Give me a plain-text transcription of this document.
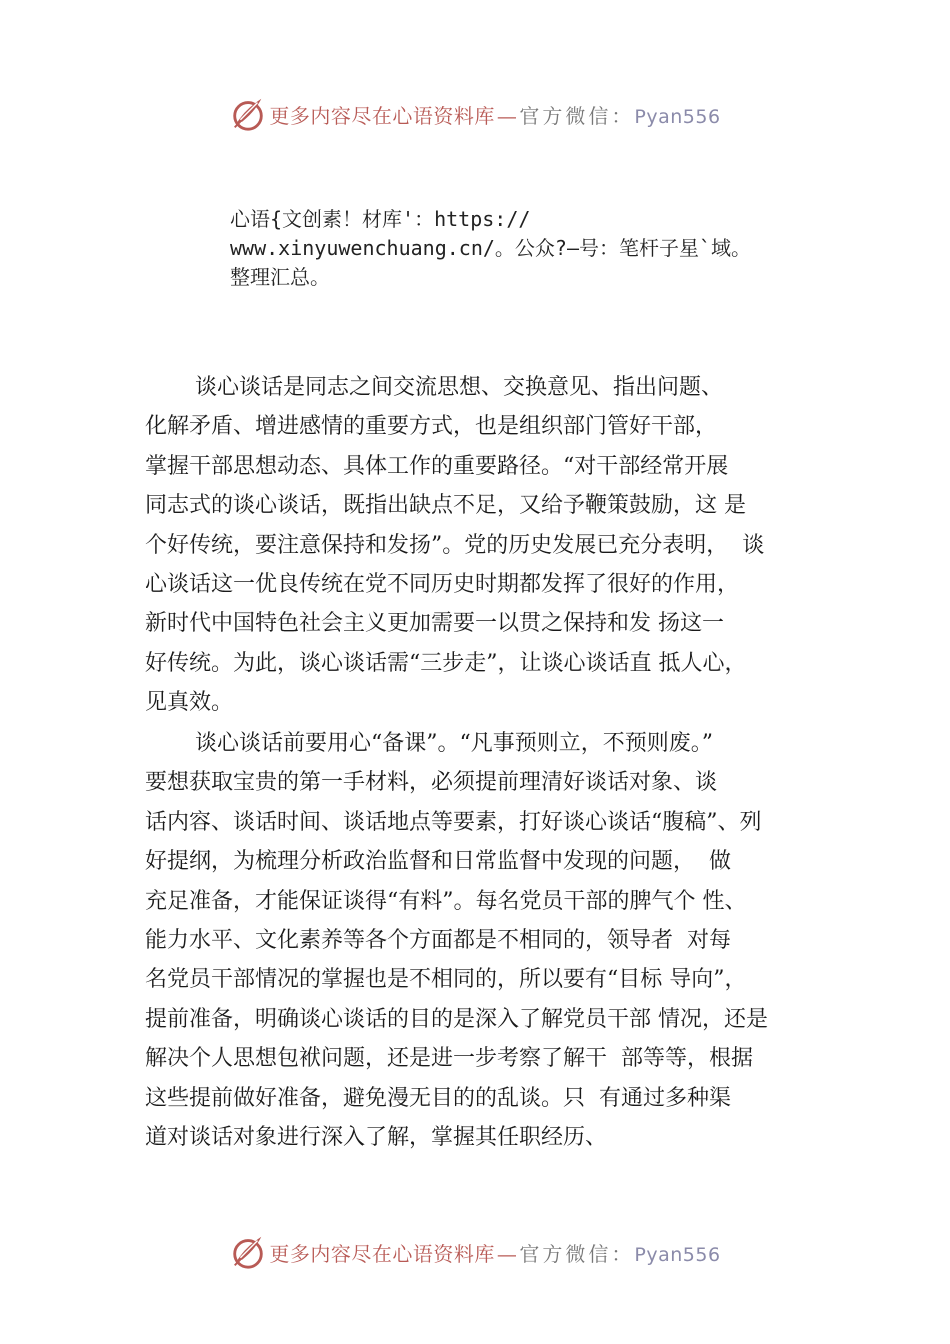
更多内容尽在心语资料库 — 官方微信：Pyan556
心语{文创素！材库'：https://
www.xinyuwenchuang.cn/。公众?—号：笔杆子星`域。
整理汇总。
谈心谈话是同志之间交流思想、交换意见、指出问题、
化解矛盾、增进感情的重要方式，也是组织部门管好干部，
掌握干部思想动态、具体工作的重要路径。“对干部经常开展
同志式的谈心谈话，既指出缺点不足，又给予鞭策鼓励，这 是
个好传统，要注意保持和发扬”。党的历史发展已充分表明，  谈
心谈话这一优良传统在党不同历史时期都发挥了很好的作用，
新时代中国特色社会主义更加需要一以贯之保持和发 扬这一
好传统。为此，谈心谈话需“三步走”，让谈心谈话直 抵人心，
见真效。
谈心谈话前要用心“备课”。“凡事预则立，不预则废。”
要想获取宝贵的第一手材料，必须提前理清好谈话对象、谈
话内容、谈话时间、谈话地点等要素，打好谈心谈话“腹稿”、列
好提纲，为梳理分析政治监督和日常监督中发现的问题，  做
充足准备，才能保证谈得“有料”。每名党员干部的脾气个 性、
能力水平、文化素养等各个方面都是不相同的，领导者  对每
名党员干部情况的掌握也是不相同的，所以要有“目标 导向”，
提前准备，明确谈心谈话的目的是深入了解党员干部 情况，还是
解决个人思想包袱问题，还是进一步考察了解干  部等等，根据
这些提前做好准备，避免漫无目的的乱谈。只  有通过多种渠
道对谈话对象进行深入了解，掌握其任职经历、
更多内容尽在心语资料库 — 官方微信：Pyan556
